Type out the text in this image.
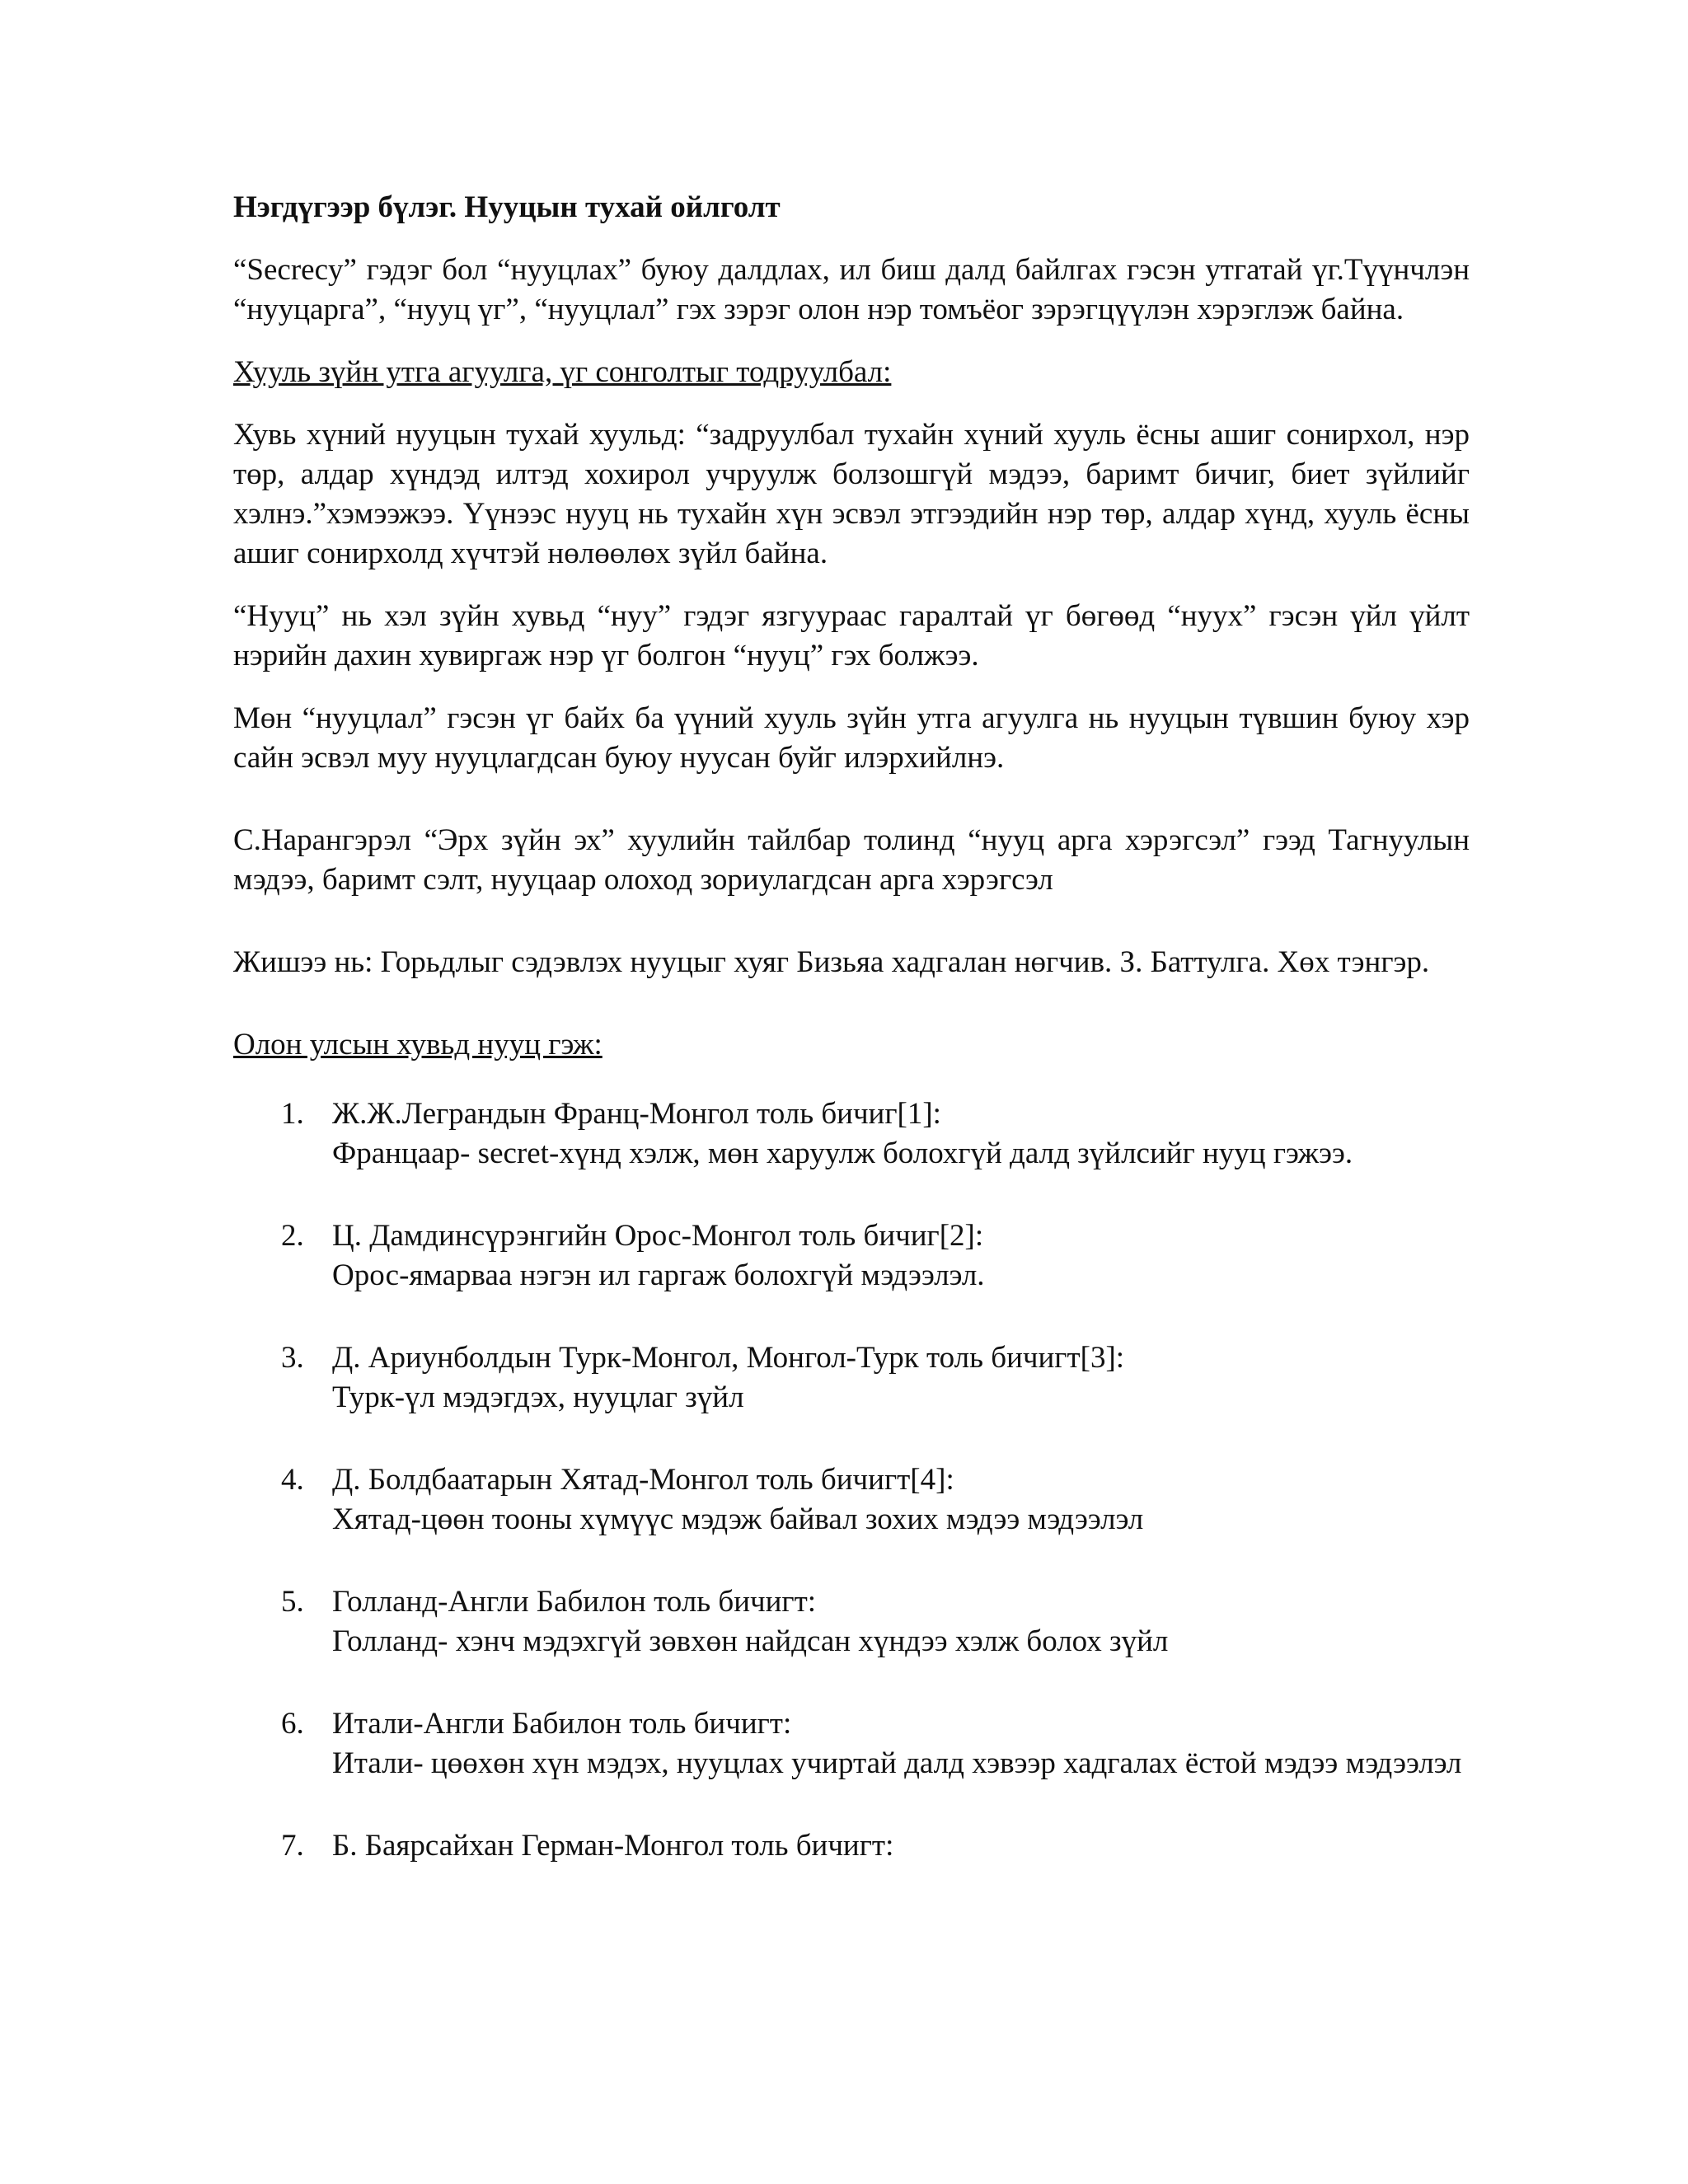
Нэгдүгээр бүлэг. Нууцын тухай ойлголт
“Secrecy” гэдэг бол “нууцлах” буюу далдлах, ил биш далд байлгах гэсэн утгатай үг.Түүнчлэн “нууцарга”, “нууц үг”, “нууцлал” гэх зэрэг олон нэр томъёог зэрэгцүүлэн хэрэглэж байна.
Хууль зүйн утга агуулга, үг сонголтыг тодруулбал:
Хувь хүний нууцын тухай хуульд: “задруулбал тухайн хүний хууль ёсны ашиг сонирхол, нэр төр, алдар хүндэд илтэд хохирол учруулж болзошгүй мэдээ, баримт бичиг, биет зүйлийг хэлнэ.”хэмээжээ. Үүнээс нууц нь тухайн хүн эсвэл этгээдийн нэр төр, алдар хүнд, хууль ёсны ашиг сонирхолд хүчтэй нөлөөлөх зүйл байна.
“Нууц” нь хэл зүйн хувьд “нуу” гэдэг язгуураас гаралтай үг бөгөөд “нуух” гэсэн үйл үйлт нэрийн дахин хувиргаж нэр үг болгон “нууц” гэх болжээ.
Мөн “нууцлал” гэсэн үг байх ба үүний хууль зүйн утга агуулга нь нууцын түвшин буюу хэр сайн эсвэл муу нууцлагдсан буюу нуусан буйг илэрхийлнэ.
С.Нарангэрэл “Эрх зүйн эх” хуулийн тайлбар толинд “нууц арга хэрэгсэл” гээд Тагнуулын мэдээ, баримт сэлт, нууцаар олоход зориулагдсан арга хэрэгсэл
Жишээ нь: Горьдлыг сэдэвлэх нууцыг хуяг Бизьяа хадгалан нөгчив. З. Баттулга. Хөх тэнгэр.
Олон улсын хувьд нууц гэж:
1. Ж.Ж.Леграндын Франц-Монгол толь бичиг[1]:
Францаар- secret-хүнд хэлж, мөн харуулж болохгүй далд зүйлсийг нууц гэжээ.
2. Ц. Дамдинсүрэнгийн Орос-Монгол толь бичиг[2]:
Орос-ямарваа нэгэн ил гаргаж болохгүй мэдээлэл.
3. Д. Ариунболдын Турк-Монгол, Монгол-Турк толь бичигт[3]:
Турк-үл мэдэгдэх, нууцлаг зүйл
4. Д. Болдбаатарын Хятад-Монгол толь бичигт[4]:
Хятад-цөөн тооны хүмүүс мэдэж байвал зохих мэдээ мэдээлэл
5. Голланд-Англи Бабилон толь бичигт:
Голланд- хэнч мэдэхгүй зөвхөн найдсан хүндээ хэлж болох зүйл
6. Итали-Англи Бабилон толь бичигт:
Итали- цөөхөн хүн мэдэх, нууцлах учиртай далд хэвээр хадгалах ёстой мэдээ мэдээлэл
7. Б. Баярсайхан Герман-Монгол толь бичигт:
